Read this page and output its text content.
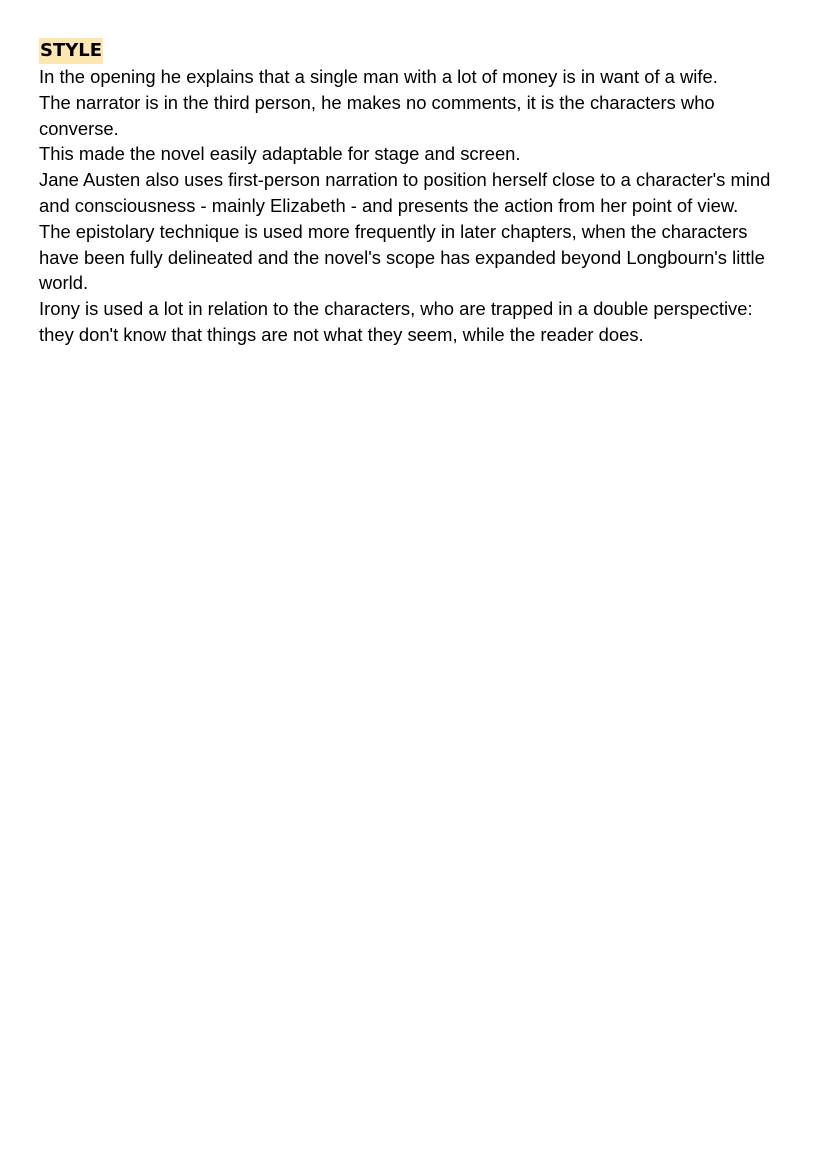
STYLE

In the opening he explains that a single man with a lot of money is in want of a wife.

The narrator is in the third person, he makes no comments, it is the characters who converse.

This made the novel easily adaptable for stage and screen.

Jane Austen also uses first-person narration to position herself close to a character's mind and consciousness - mainly Elizabeth - and presents the action from her point of view.

The epistolary technique is used more frequently in later chapters, when the characters have been fully delineated and the novel's scope has expanded beyond Longbourn's little world.

Irony is used a lot in relation to the characters, who are trapped in a double perspective: they don't know that things are not what they seem, while the reader does.
